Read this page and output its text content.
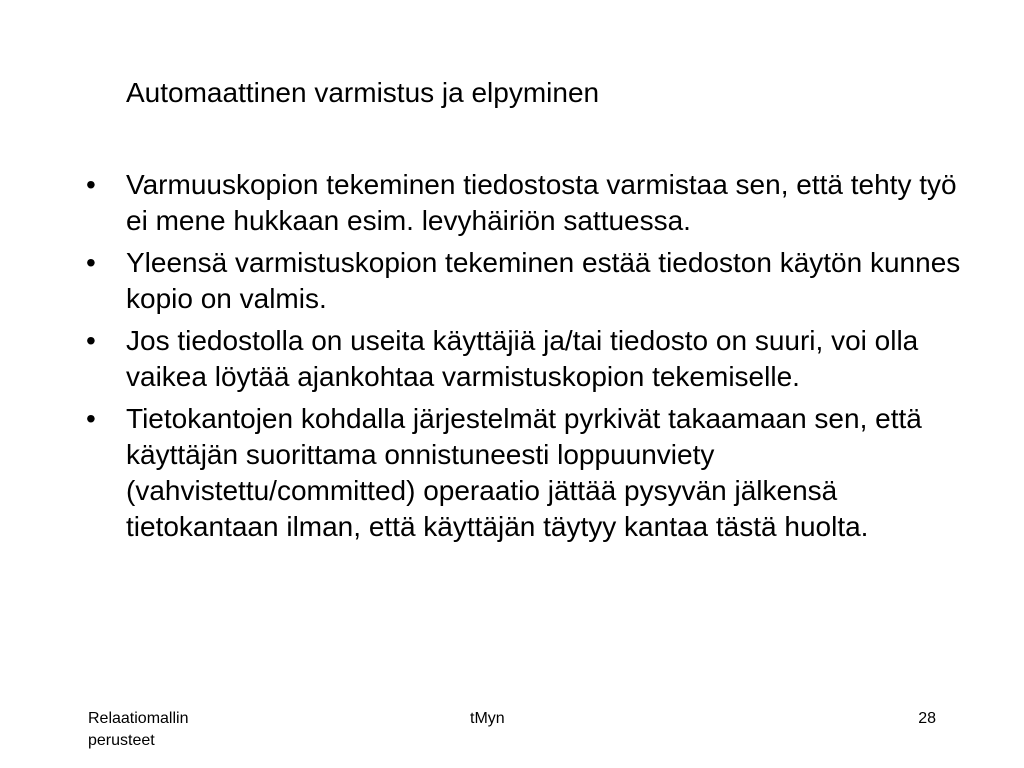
Automaattinen varmistus ja elpyminen
•	Varmuuskopion tekeminen tiedostosta varmistaa sen, että tehty työ ei mene hukkaan esim. levyhäiriön sattuessa.
•	Yleensä varmistuskopion tekeminen estää tiedoston käytön kunnes kopio on valmis.
•	Jos tiedostolla on useita käyttäjiä ja/tai tiedosto on suuri, voi olla vaikea löytää ajankohtaa varmistuskopion tekemiselle.
•	Tietokantojen kohdalla järjestelmät pyrkivät takaamaan sen, että käyttäjän suorittama onnistuneesti loppuunviety (vahvistettu/committed) operaatio jättää pysyvän jälkensä tietokantaan ilman, että käyttäjän täytyy kantaa tästä huolta.
Relaatiomallin
perusteet
tMyn	28
